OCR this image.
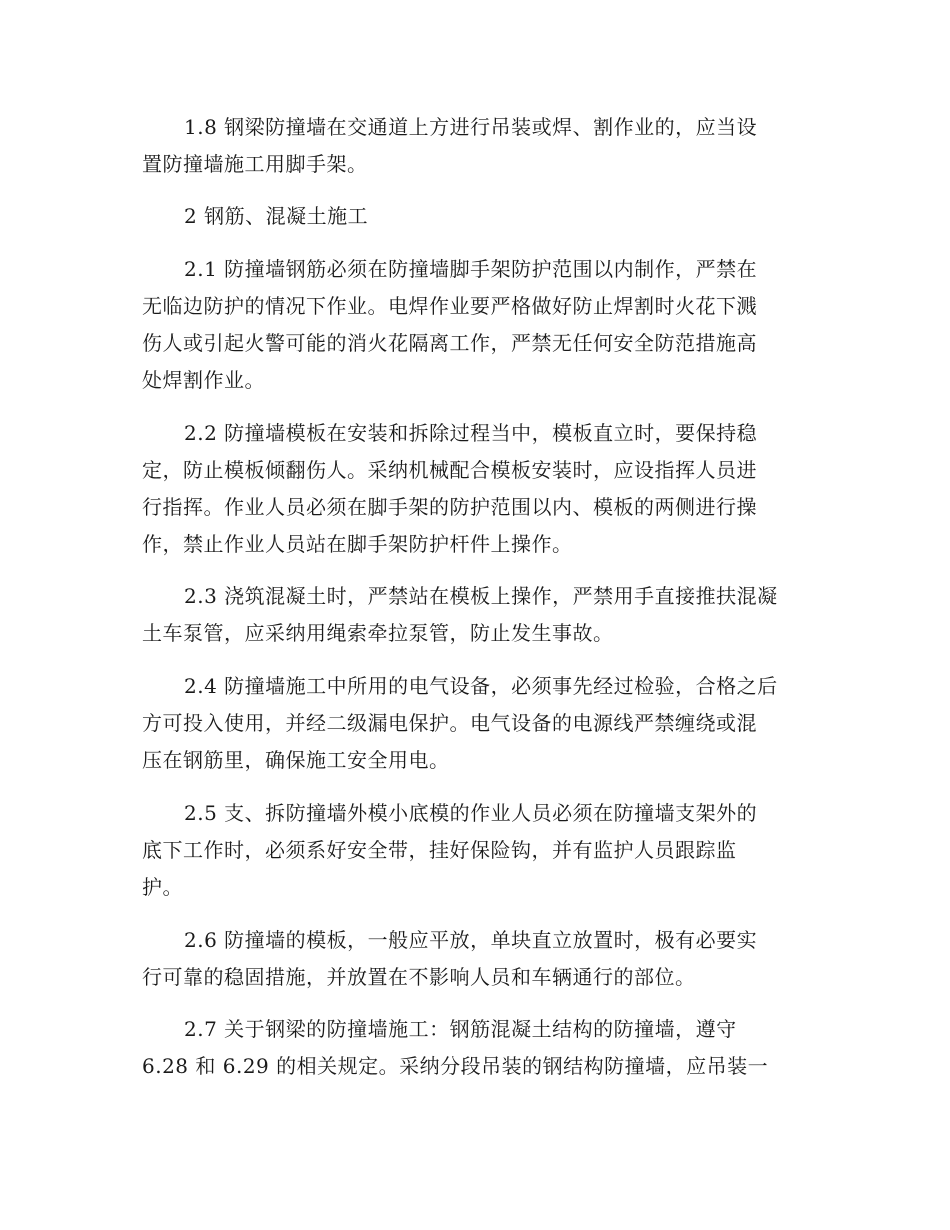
1.8 钢梁防撞墙在交通道上方进行吊装或焊、割作业的，应当设
置防撞墙施工用脚手架。
2 钢筋、混凝土施工
2.1 防撞墙钢筋必须在防撞墙脚手架防护范围以内制作，严禁在
无临边防护的情况下作业。电焊作业要严格做好防止焊割时火花下溅
伤人或引起火警可能的消火花隔离工作，严禁无任何安全防范措施高
处焊割作业。
2.2 防撞墙模板在安装和拆除过程当中，模板直立时，要保持稳
定，防止模板倾翻伤人。采纳机械配合模板安装时，应设指挥人员进
行指挥。作业人员必须在脚手架的防护范围以内、模板的两侧进行操
作，禁止作业人员站在脚手架防护杆件上操作。
2.3 浇筑混凝土时，严禁站在模板上操作，严禁用手直接推扶混凝
土车泵管，应采纳用绳索牵拉泵管，防止发生事故。
2.4 防撞墙施工中所用的电气设备，必须事先经过检验，合格之后
方可投入使用，并经二级漏电保护。电气设备的电源线严禁缠绕或混
压在钢筋里，确保施工安全用电。
2.5 支、拆防撞墙外模小底模的作业人员必须在防撞墙支架外的
底下工作时，必须系好安全带，挂好保险钩，并有监护人员跟踪监
护。
2.6 防撞墙的模板，一般应平放，单块直立放置时，极有必要实
行可靠的稳固措施，并放置在不影响人员和车辆通行的部位。
2.7 关于钢梁的防撞墙施工：钢筋混凝土结构的防撞墙，遵守
6.28 和 6.29 的相关规定。采纳分段吊装的钢结构防撞墙，应吊装一
